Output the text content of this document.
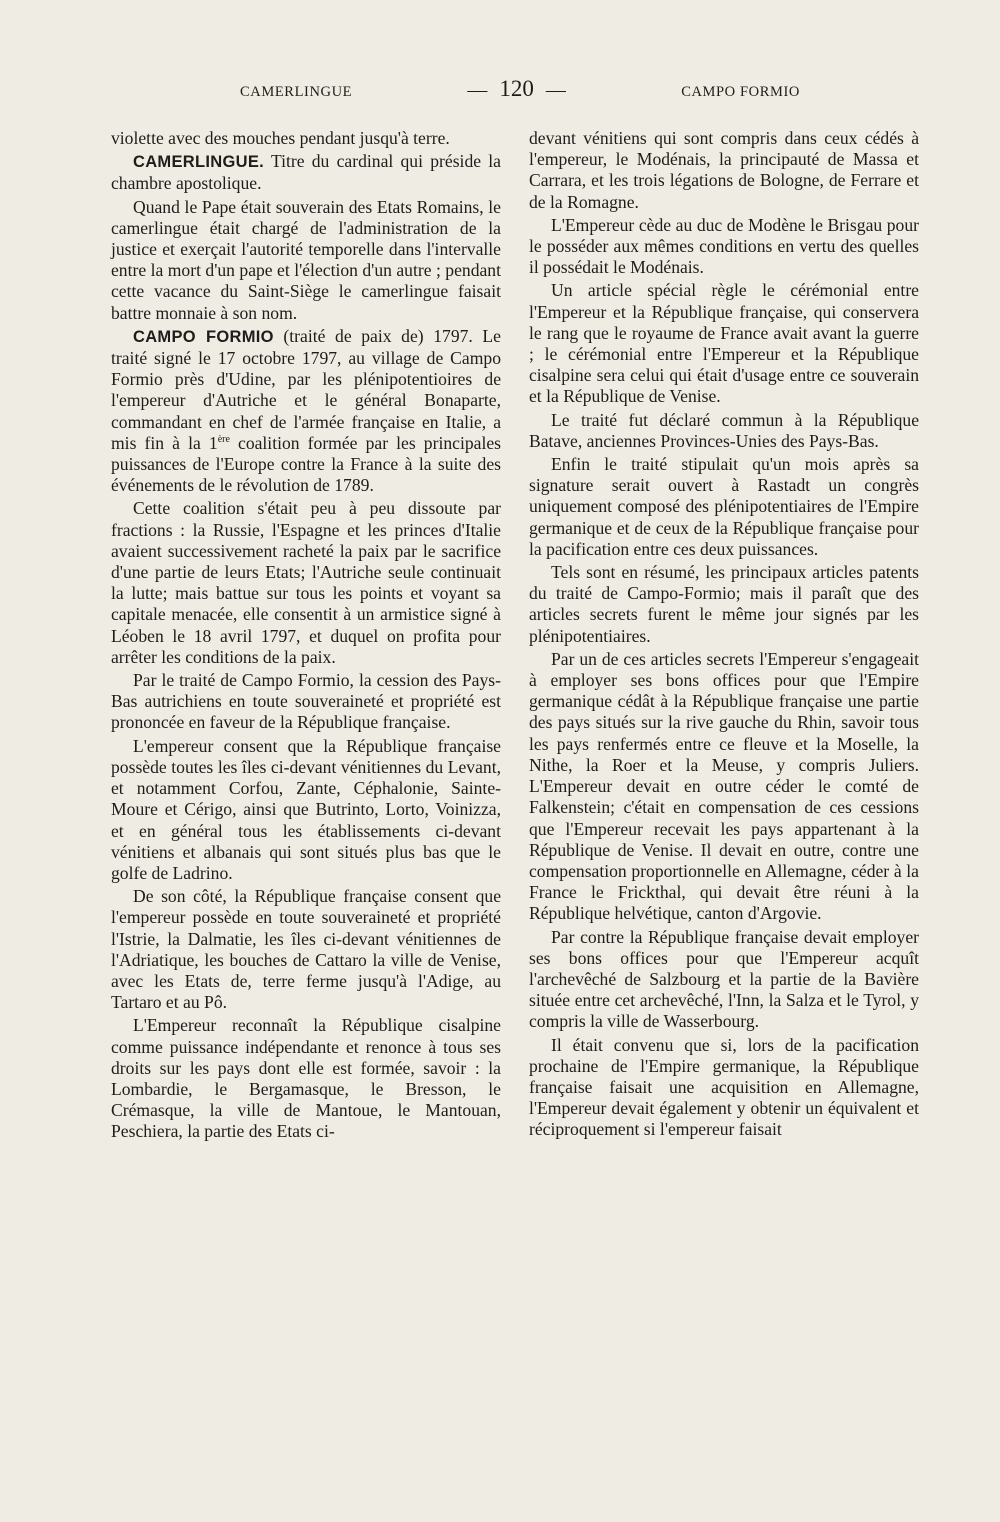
CAMERLINGUE	— 120 —	CAMPO FORMIO

violette avec des mouches pendant jusqu'à terre.

CAMERLINGUE. Titre du cardinal qui préside la chambre apostolique.

Quand le Pape était souverain des Etats Romains, le camerlingue était chargé de l'administration de la justice et exerçait l'autorité temporelle dans l'intervalle entre la mort d'un pape et l'élection d'un autre ; pendant cette vacance du Saint-Siège le camerlingue faisait battre monnaie à son nom.

CAMPO FORMIO (traité de paix de) 1797. Le traité signé le 17 octobre 1797, au village de Campo Formio près d'Udine, par les plénipotentioires de l'empereur d'Autriche et le général Bonaparte, commandant en chef de l'armée française en Italie, a mis fin à la 1ère coalition formée par les principales puissances de l'Europe contre la France à la suite des événements de le révolution de 1789.

Cette coalition s'était peu à peu dissoute par fractions : la Russie, l'Espagne et les princes d'Italie avaient successivement racheté la paix par le sacrifice d'une partie de leurs Etats; l'Autriche seule continuait la lutte; mais battue sur tous les points et voyant sa capitale menacée, elle consentit à un armistice signé à Léoben le 18 avril 1797, et duquel on profita pour arrêter les conditions de la paix.

Par le traité de Campo Formio, la cession des Pays-Bas autrichiens en toute souveraineté et propriété est prononcée en faveur de la République française.

L'empereur consent que la République française possède toutes les îles ci-devant vénitiennes du Levant, et notamment Corfou, Zante, Céphalonie, Sainte-Moure et Cérigo, ainsi que Butrinto, Lorto, Voinizza, et en général tous les établissements ci-devant vénitiens et albanais qui sont situés plus bas que le golfe de Ladrino.

De son côté, la République française consent que l'empereur possède en toute souveraineté et propriété l'Istrie, la Dalmatie, les îles ci-devant vénitiennes de l'Adriatique, les bouches de Cattaro la ville de Venise, avec les Etats de, terre ferme jusqu'à l'Adige, au Tartaro et au Pô.

L'Empereur reconnaît la République cisalpine comme puissance indépendante et renonce à tous ses droits sur les pays dont elle est formée, savoir : la Lombardie, le Bergamasque, le Bresson, le Crémasque, la ville de Mantoue, le Mantouan, Peschiera, la partie des Etats ci-

devant vénitiens qui sont compris dans ceux cédés à l'empereur, le Modénais, la principauté de Massa et Carrara, et les trois légations de Bologne, de Ferrare et de la Romagne.

L'Empereur cède au duc de Modène le Brisgau pour le posséder aux mêmes conditions en vertu des quelles il possédait le Modénais.

Un article spécial règle le cérémonial entre l'Empereur et la République française, qui conservera le rang que le royaume de France avait avant la guerre ; le cérémonial entre l'Empereur et la République cisalpine sera celui qui était d'usage entre ce souverain et la République de Venise.

Le traité fut déclaré commun à la République Batave, anciennes Provinces-Unies des Pays-Bas.

Enfin le traité stipulait qu'un mois après sa signature serait ouvert à Rastadt un congrès uniquement composé des plénipotentiaires de l'Empire germanique et de ceux de la République française pour la pacification entre ces deux puissances.

Tels sont en résumé, les principaux articles patents du traité de Campo-Formio; mais il paraît que des articles secrets furent le même jour signés par les plénipotentiaires.

Par un de ces articles secrets l'Empereur s'engageait à employer ses bons offices pour que l'Empire germanique cédât à la République française une partie des pays situés sur la rive gauche du Rhin, savoir tous les pays renfermés entre ce fleuve et la Moselle, la Nithe, la Roer et la Meuse, y compris Juliers. L'Empereur devait en outre céder le comté de Falkenstein; c'était en compensation de ces cessions que l'Empereur recevait les pays appartenant à la République de Venise. Il devait en outre, contre une compensation proportionnelle en Allemagne, céder à la France le Frickthal, qui devait être réuni à la République helvétique, canton d'Argovie.

Par contre la République française devait employer ses bons offices pour que l'Empereur acquît l'archevêché de Salzbourg et la partie de la Bavière située entre cet archevêché, l'Inn, la Salza et le Tyrol, y compris la ville de Wasserbourg.

Il était convenu que si, lors de la pacification prochaine de l'Empire germanique, la République française faisait une acquisition en Allemagne, l'Empereur devait également y obtenir un équivalent et réciproquement si l'empereur faisait
